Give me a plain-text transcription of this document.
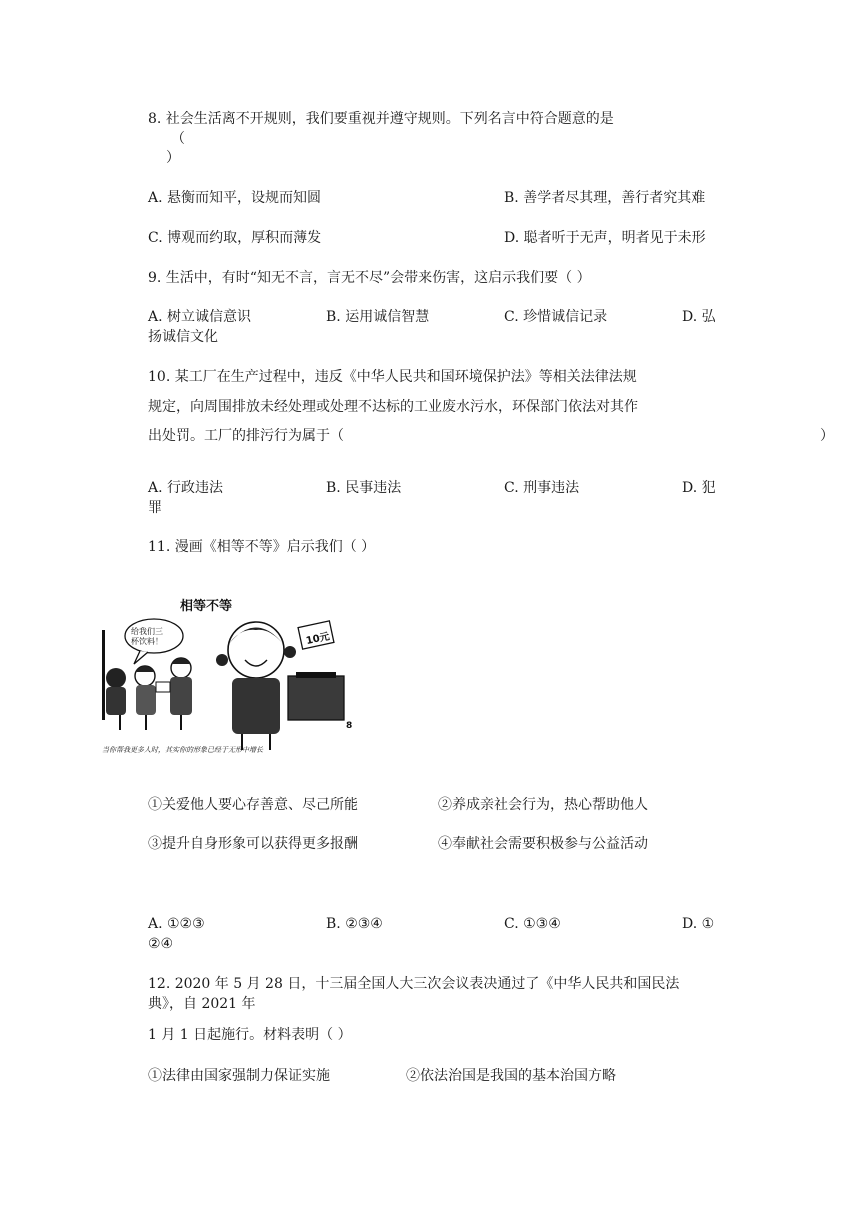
8. 社会生活离不开规则，我们要重视并遵守规则。下列名言中符合题意的是
（
）
A. 悬衡而知平，设规而知圆	B. 善学者尽其理，善行者究其难
C. 博观而约取，厚积而薄发	D. 聪者听于无声，明者见于未形
9. 生活中，有时“知无不言，言无不尽”会带来伤害，这启示我们要（ ）
A. 树立诚信意识	B. 运用诚信智慧	C. 珍惜诚信记录	D. 弘
扬诚信文化
10. 某工厂在生产过程中，违反《中华人民共和国环境保护法》等相关法律法规
规定，向周围排放未经处理或处理不达标的工业废水污水，环保部门依法对其作
出处罚。工厂的排污行为属于（	）
A. 行政违法	B. 民事违法	C. 刑事违法	D. 犯
罪
11. 漫画《相等不等》启示我们（ ）
相等不等
给我们三
杯饮料！	10元
8
当你帮我更多人时，其实你的形象已经于无形中增长
①关爱他人要心存善意、尽己所能	②养成亲社会行为，热心帮助他人
③提升自身形象可以获得更多报酬	④奉献社会需要积极参与公益活动
A. ①②③	B. ②③④	C. ①③④	D. ①
②④
12. 2020 年 5 月 28 日，十三届全国人大三次会议表决通过了《中华人民共和国民法
典》，自 2021 年
1 月 1 日起施行。材料表明（ ）
①法律由国家强制力保证实施	②依法治国是我国的基本治国方略
